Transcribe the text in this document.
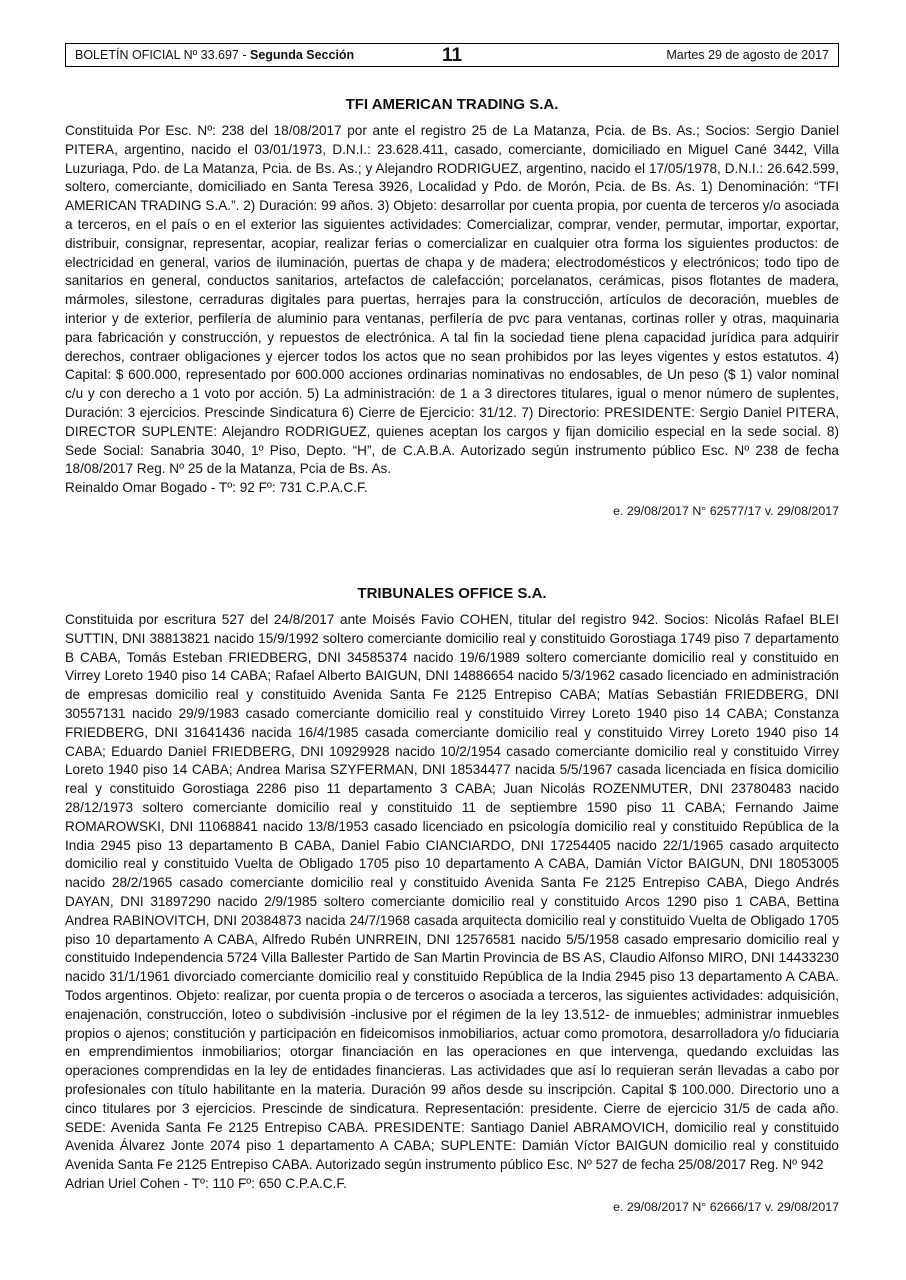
BOLETÍN OFICIAL Nº 33.697 - Segunda Sección	11	Martes 29 de agosto de 2017
TFI AMERICAN TRADING S.A.

Constituida Por Esc. Nº: 238 del 18/08/2017 por ante el registro 25 de La Matanza, Pcia. de Bs. As.; Socios: Sergio Daniel PITERA, argentino, nacido el 03/01/1973, D.N.I.: 23.628.411, casado, comerciante, domiciliado en Miguel Cané 3442, Villa Luzuriaga, Pdo. de La Matanza, Pcia. de Bs. As.; y Alejandro RODRIGUEZ, argentino, nacido el 17/05/1978, D.N.I.: 26.642.599, soltero, comerciante, domiciliado en Santa Teresa 3926, Localidad y Pdo. de Morón, Pcia. de Bs. As. 1) Denominación: “TFI AMERICAN TRADING S.A.”. 2) Duración: 99 años. 3) Objeto: desarrollar por cuenta propia, por cuenta de terceros y/o asociada a terceros, en el país o en el exterior las siguientes actividades: Comercializar, comprar, vender, permutar, importar, exportar, distribuir, consignar, representar, acopiar, realizar ferias o comercializar en cualquier otra forma los siguientes productos: de electricidad en general, varios de iluminación, puertas de chapa y de madera; electrodomésticos y electrónicos; todo tipo de sanitarios en general, conductos sanitarios, artefactos de calefacción; porcelanatos, cerámicas, pisos flotantes de madera, mármoles, silestone, cerraduras digitales para puertas, herrajes para la construcción, artículos de decoración, muebles de interior y de exterior, perfilería de aluminio para ventanas, perfilería de pvc para ventanas, cortinas roller y otras, maquinaria para fabricación y construcción, y repuestos de electrónica. A tal fin la sociedad tiene plena capacidad jurídica para adquirir derechos, contraer obligaciones y ejercer todos los actos que no sean prohibidos por las leyes vigentes y estos estatutos. 4) Capital: $ 600.000, representado por 600.000 acciones ordinarias nominativas no endosables, de Un peso ($ 1) valor nominal c/u y con derecho a 1 voto por acción. 5) La administración: de 1 a 3 directores titulares, igual o menor número de suplentes, Duración: 3 ejercicios. Prescinde Sindicatura 6) Cierre de Ejercicio: 31/12. 7) Directorio: PRESIDENTE: Sergio Daniel PITERA, DIRECTOR SUPLENTE: Alejandro RODRIGUEZ, quienes aceptan los cargos y fijan domicilio especial en la sede social. 8) Sede Social: Sanabria 3040, 1º Piso, Depto. “H”, de C.A.B.A. Autorizado según instrumento público Esc. Nº 238 de fecha 18/08/2017 Reg. Nº 25 de la Matanza, Pcia de Bs. As.

Reinaldo Omar Bogado - Tº: 92 Fº: 731 C.P.A.C.F.

e. 29/08/2017 N° 62577/17 v. 29/08/2017

TRIBUNALES OFFICE S.A.

Constituida por escritura 527 del 24/8/2017 ante Moisés Favio COHEN, titular del registro 942. Socios: Nicolás Rafael BLEI SUTTIN, DNI 38813821 nacido 15/9/1992 soltero comerciante domicilio real y constituido Gorostiaga 1749 piso 7 departamento B CABA, Tomás Esteban FRIEDBERG, DNI 34585374 nacido 19/6/1989 soltero comerciante domicilio real y constituido en Virrey Loreto 1940 piso 14 CABA; Rafael Alberto BAIGUN, DNI 14886654 nacido 5/3/1962 casado licenciado en administración de empresas domicilio real y constituido Avenida Santa Fe 2125 Entrepiso CABA; Matías Sebastián FRIEDBERG, DNI 30557131 nacido 29/9/1983 casado comerciante domicilio real y constituido Virrey Loreto 1940 piso 14 CABA; Constanza FRIEDBERG, DNI 31641436 nacida 16/4/1985 casada comerciante domicilio real y constituido Virrey Loreto 1940 piso 14 CABA; Eduardo Daniel FRIEDBERG, DNI 10929928 nacido 10/2/1954 casado comerciante domicilio real y constituido Virrey Loreto 1940 piso 14 CABA; Andrea Marisa SZYFERMAN, DNI 18534477 nacida 5/5/1967 casada licenciada en física domicilio real y constituido Gorostiaga 2286 piso 11 departamento 3 CABA; Juan Nicolás ROZENMUTER, DNI 23780483 nacido 28/12/1973 soltero comerciante domicilio real y constituido 11 de septiembre 1590 piso 11 CABA; Fernando Jaime ROMAROWSKI, DNI 11068841 nacido 13/8/1953 casado licenciado en psicología domicilio real y constituido República de la India 2945 piso 13 departamento B CABA, Daniel Fabio CIANCIARDO, DNI 17254405 nacido 22/1/1965 casado arquitecto domicilio real y constituido Vuelta de Obligado 1705 piso 10 departamento A CABA, Damián Víctor BAIGUN, DNI 18053005 nacido 28/2/1965 casado comerciante domicilio real y constituido Avenida Santa Fe 2125 Entrepiso CABA, Diego Andrés DAYAN, DNI 31897290 nacido 2/9/1985 soltero comerciante domicilio real y constituido Arcos 1290 piso 1 CABA, Bettina Andrea RABINOVITCH, DNI 20384873 nacida 24/7/1968 casada arquitecta domicilio real y constituido Vuelta de Obligado 1705 piso 10 departamento A CABA, Alfredo Rubén UNRREIN, DNI 12576581 nacido 5/5/1958 casado empresario domicilio real y constituido Independencia 5724 Villa Ballester Partido de San Martin Provincia de BS AS, Claudio Alfonso MIRO, DNI 14433230 nacido 31/1/1961 divorciado comerciante domicilio real y constituido República de la India 2945 piso 13 departamento A CABA. Todos argentinos. Objeto: realizar, por cuenta propia o de terceros o asociada a terceros, las siguientes actividades: adquisición, enajenación, construcción, loteo o subdivisión -inclusive por el régimen de la ley 13.512- de inmuebles; administrar inmuebles propios o ajenos; constitución y participación en fideicomisos inmobiliarios, actuar como promotora, desarrolladora y/o fiduciaria en emprendimientos inmobiliarios; otorgar financiación en las operaciones en que intervenga, quedando excluidas las operaciones comprendidas en la ley de entidades financieras. Las actividades que así lo requieran serán llevadas a cabo por profesionales con título habilitante en la materia. Duración 99 años desde su inscripción. Capital $ 100.000. Directorio uno a cinco titulares por 3 ejercicios. Prescinde de sindicatura. Representación: presidente. Cierre de ejercicio 31/5 de cada año. SEDE: Avenida Santa Fe 2125 Entrepiso CABA. PRESIDENTE: Santiago Daniel ABRAMOVICH, domicilio real y constituido Avenida Álvarez Jonte 2074 piso 1 departamento A CABA; SUPLENTE: Damián Víctor BAIGUN domicilio real y constituido Avenida Santa Fe 2125 Entrepiso CABA. Autorizado según instrumento público Esc. Nº 527 de fecha 25/08/2017 Reg. Nº 942

Adrian Uriel Cohen - Tº: 110 Fº: 650 C.P.A.C.F.

e. 29/08/2017 N° 62666/17 v. 29/08/2017
